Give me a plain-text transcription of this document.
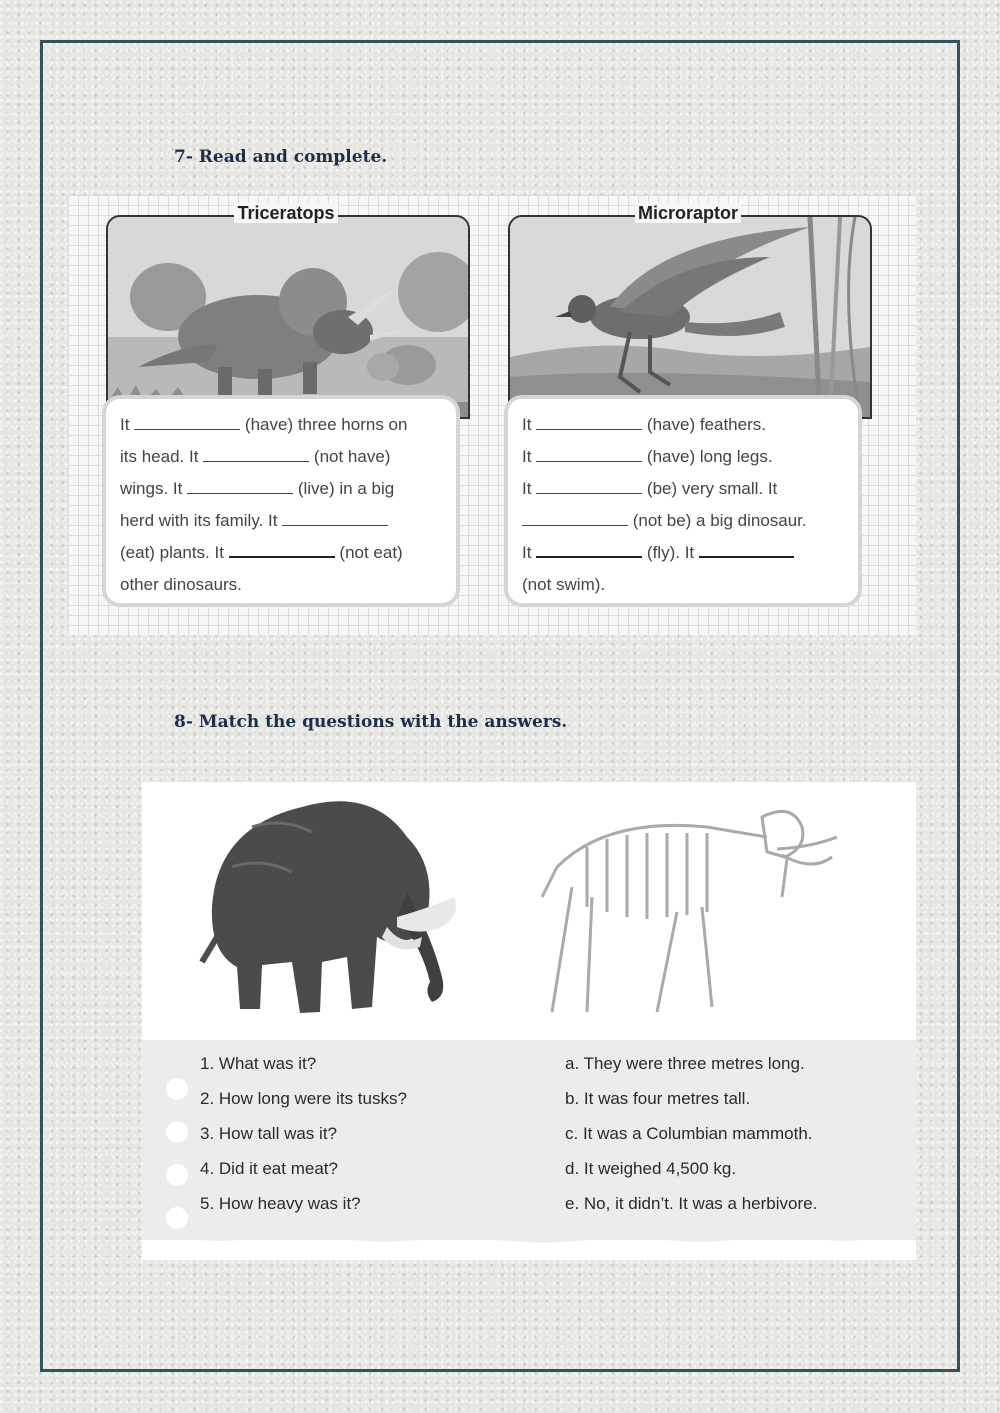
7- Read and complete.
Triceratops

It	(have) three horns on

its head. It	(not have)

wings. It	(live) in a big

herd with its family. It

(eat) plants. It	(not eat)

other dinosaurs.

Microraptor

It	(have) feathers.

It	(have) long legs.

It	(be) very small. It

(not be) a big dinosaur.

It	(fly). It

(not swim).

8- Match the questions with the answers.

1. What was it?

2. How long were its tusks?

3. How tall was it?

4. Did it eat meat?

5. How heavy was it?

a. They were three metres long.

b. It was four metres tall.

c. It was a Columbian mammoth.

d. It weighed 4,500 kg.

e. No, it didn’t. It was a herbivore.
